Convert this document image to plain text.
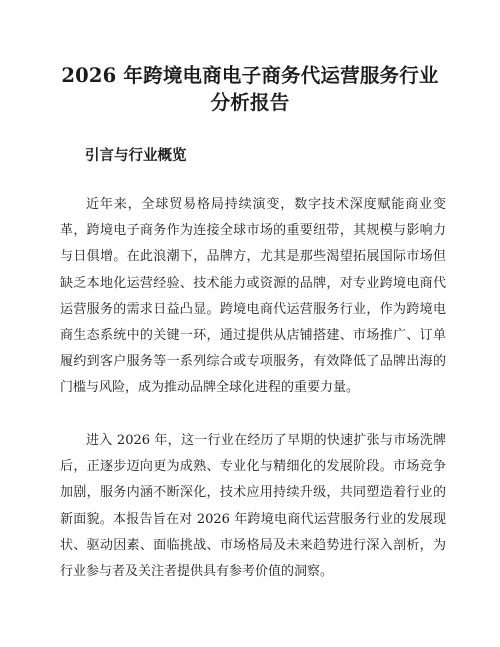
2026 年跨境电商电子商务代运营服务行业分析报告
引言与行业概览

近年来，全球贸易格局持续演变，数字技术深度赋能商业变革，跨境电子商务作为连接全球市场的重要纽带，其规模与影响力与日俱增。在此浪潮下，品牌方，尤其是那些渴望拓展国际市场但缺乏本地化运营经验、技术能力或资源的品牌，对专业跨境电商代运营服务的需求日益凸显。跨境电商代运营服务行业，作为跨境电商生态系统中的关键一环，通过提供从店铺搭建、市场推广、订单履约到客户服务等一系列综合或专项服务，有效降低了品牌出海的门槛与风险，成为推动品牌全球化进程的重要力量。

进入 2026 年，这一行业在经历了早期的快速扩张与市场洗牌后，正逐步迈向更为成熟、专业化与精细化的发展阶段。市场竞争加剧，服务内涵不断深化，技术应用持续升级，共同塑造着行业的新面貌。本报告旨在对 2026 年跨境电商代运营服务行业的发展现状、驱动因素、面临挑战、市场格局及未来趋势进行深入剖析，为行业参与者及关注者提供具有参考价值的洞察。
